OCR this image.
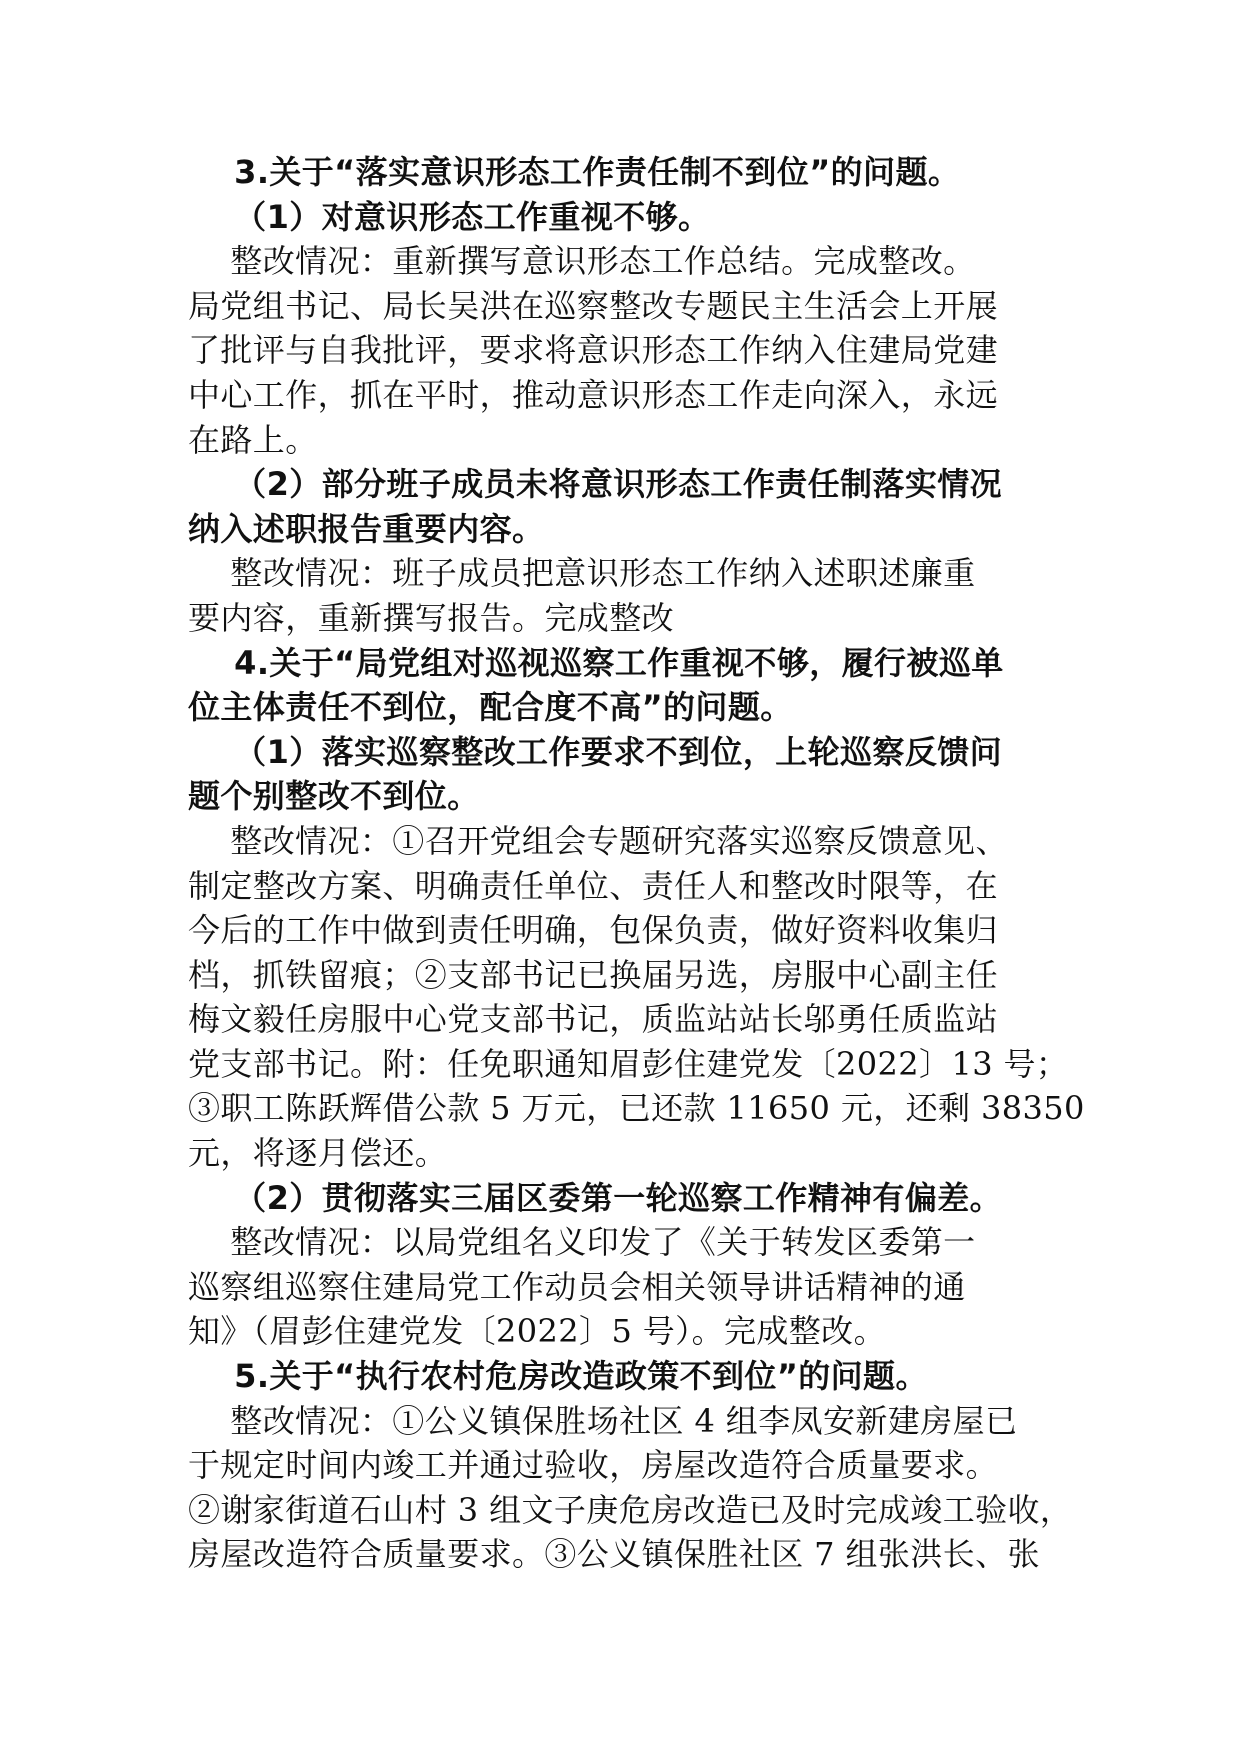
3.关于“落实意识形态工作责任制不到位”的问题。
（1）对意识形态工作重视不够。
整改情况：重新撰写意识形态工作总结。完成整改。
局党组书记、局长吴洪在巡察整改专题民主生活会上开展
了批评与自我批评，要求将意识形态工作纳入住建局党建
中心工作，抓在平时，推动意识形态工作走向深入，永远
在路上。
（2）部分班子成员未将意识形态工作责任制落实情况
纳入述职报告重要内容。
整改情况：班子成员把意识形态工作纳入述职述廉重
要内容，重新撰写报告。完成整改
4.关于“局党组对巡视巡察工作重视不够，履行被巡单
位主体责任不到位，配合度不高”的问题。
（1）落实巡察整改工作要求不到位，上轮巡察反馈问
题个别整改不到位。
整改情况：①召开党组会专题研究落实巡察反馈意见、
制定整改方案、明确责任单位、责任人和整改时限等，在
今后的工作中做到责任明确，包保负责，做好资料收集归
档，抓铁留痕；②支部书记已换届另选，房服中心副主任
梅文毅任房服中心党支部书记，质监站站长邬勇任质监站
党支部书记。附：任免职通知眉彭住建党发〔2022〕13 号；
③职工陈跃辉借公款 5 万元，已还款 11650 元，还剩 38350
元，将逐月偿还。
（2）贯彻落实三届区委第一轮巡察工作精神有偏差。
整改情况：以局党组名义印发了《关于转发区委第一
巡察组巡察住建局党工作动员会相关领导讲话精神的通
知》（眉彭住建党发〔2022〕5 号）。完成整改。
5.关于“执行农村危房改造政策不到位”的问题。
整改情况：①公义镇保胜场社区 4 组李凤安新建房屋已
于规定时间内竣工并通过验收，房屋改造符合质量要求。
②谢家街道石山村 3 组文子庚危房改造已及时完成竣工验收，
房屋改造符合质量要求。③公义镇保胜社区 7 组张洪长、张
